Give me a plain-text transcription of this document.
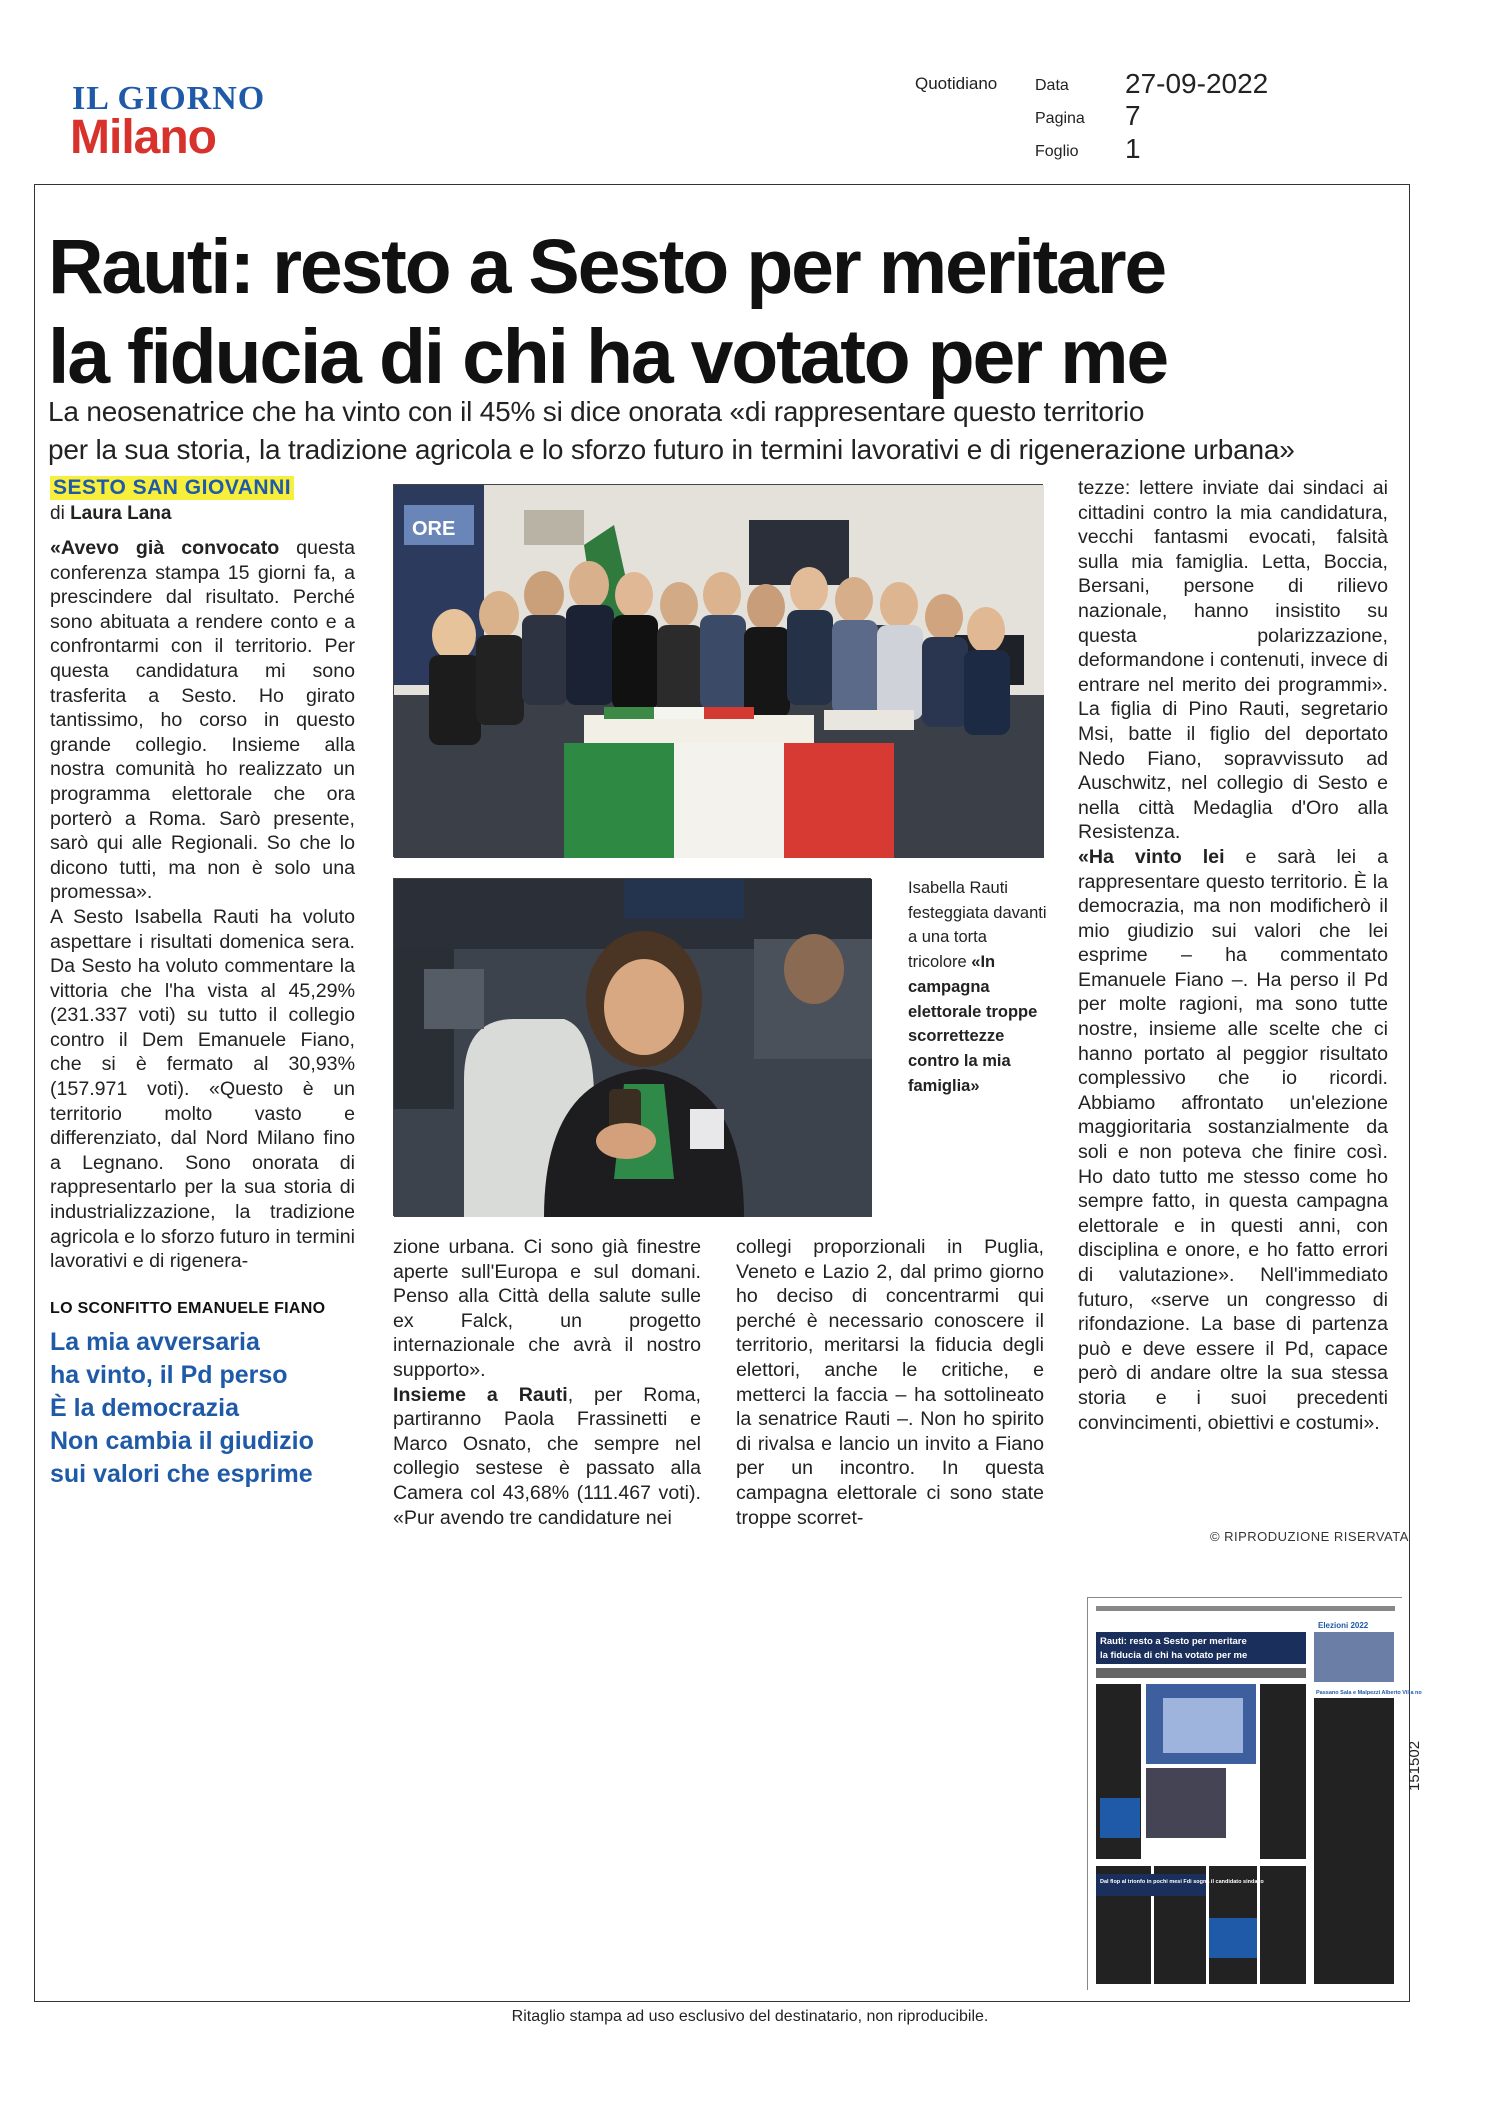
IL GIORNO
Milano
Quotidiano Data 27-09-2022
Pagina 7
Foglio 1
Rauti: resto a Sesto per meritare
la fiducia di chi ha votato per me
La neosenatrice che ha vinto con il 45% si dice onorata «di rappresentare questo territorio
per la sua storia, la tradizione agricola e lo sforzo futuro in termini lavorativi e di rigenerazione urbana»
SESTO SAN GIOVANNI
di Laura Lana

«Avevo già convocato questa conferenza stampa 15 giorni fa, a prescindere dal risultato. Perché sono abituata a rendere conto e a confrontarmi con il territorio. Per questa candidatura mi sono trasferita a Sesto. Ho girato tantissimo, ho corso in questo grande collegio. Insieme alla nostra comunità ho realizzato un programma elettorale che ora porterò a Roma. Sarò presente, sarò qui alle Regionali. So che lo dicono tutti, ma non è solo una promessa».

A Sesto Isabella Rauti ha voluto aspettare i risultati domenica sera. Da Sesto ha voluto commentare la vittoria che l'ha vista al 45,29% (231.337 voti) su tutto il collegio contro il Dem Emanuele Fiano, che si è fermato al 30,93% (157.971 voti). «Questo è un territorio molto vasto e differenziato, dal Nord Milano fino a Legnano. Sono onorata di rappresentarlo per la sua storia di industrializzazione, la tradizione agricola e lo sforzo futuro in termini lavorativi e di rigenera-

LO SCONFITTO EMANUELE FIANO
La mia avversaria
ha vinto, il Pd perso
È la democrazia
Non cambia il giudizio
sui valori che esprime
ORE
Isabella Rauti festeggiata davanti a una torta tricolore «In campagna elettorale troppe scorrettezze contro la mia famiglia»

zione urbana. Ci sono già finestre aperte sull'Europa e sul domani. Penso alla Città della salute sulle ex Falck, un progetto internazionale che avrà il nostro supporto».

Insieme a Rauti, per Roma, partiranno Paola Frassinetti e Marco Osnato, che sempre nel collegio sestese è passato alla Camera col 43,68% (111.467 voti). «Pur avendo tre candidature nei

collegi proporzionali in Puglia, Veneto e Lazio 2, dal primo giorno ho deciso di concentrarmi qui perché è necessario conoscere il territorio, meritarsi la fiducia degli elettori, anche le critiche, e metterci la faccia – ha sottolineato la senatrice Rauti –. Non ho spirito di rivalsa e lancio un invito a Fiano per un incontro. In questa campagna elettorale ci sono state troppe scorret-

tezze: lettere inviate dai sindaci ai cittadini contro la mia candidatura, vecchi fantasmi evocati, falsità sulla mia famiglia. Letta, Boccia, Bersani, persone di rilievo nazionale, hanno insistito su questa polarizzazione, deformandone i contenuti, invece di entrare nel merito dei programmi». La figlia di Pino Rauti, segretario Msi, batte il figlio del deportato Nedo Fiano, sopravvissuto ad Auschwitz, nel collegio di Sesto e nella città Medaglia d'Oro alla Resistenza.

«Ha vinto lei e sarà lei a rappresentare questo territorio. È la democrazia, ma non modificherò il mio giudizio sui valori che lei esprime – ha commentato Emanuele Fiano –. Ha perso il Pd per molte ragioni, ma sono tutte nostre, insieme alle scelte che ci hanno portato al peggior risultato complessivo che io ricordi. Abbiamo affrontato un'elezione maggioritaria sostanzialmente da soli e non poteva che finire così. Ho dato tutto me stesso come ho sempre fatto, in questa campagna elettorale e in questi anni, con disciplina e onore, e ho fatto errori di valutazione». Nell'immediato futuro, «serve un congresso di rifondazione. La base di partenza può e deve essere il Pd, capace però di andare oltre la sua stessa storia e i suoi precedenti convincimenti, obiettivi e costumi».

© RIPRODUZIONE RISERVATA
Elezioni 2022
Rauti: resto a Sesto per meritare
la fiducia di chi ha votato per me
Dal flop al trionfo in pochi mesi Fdi sogna il candidato sindaco
Passano Sala e Malpezzi Alberto Villa no
151502
Ritaglio stampa ad uso esclusivo del destinatario, non riproducibile.
